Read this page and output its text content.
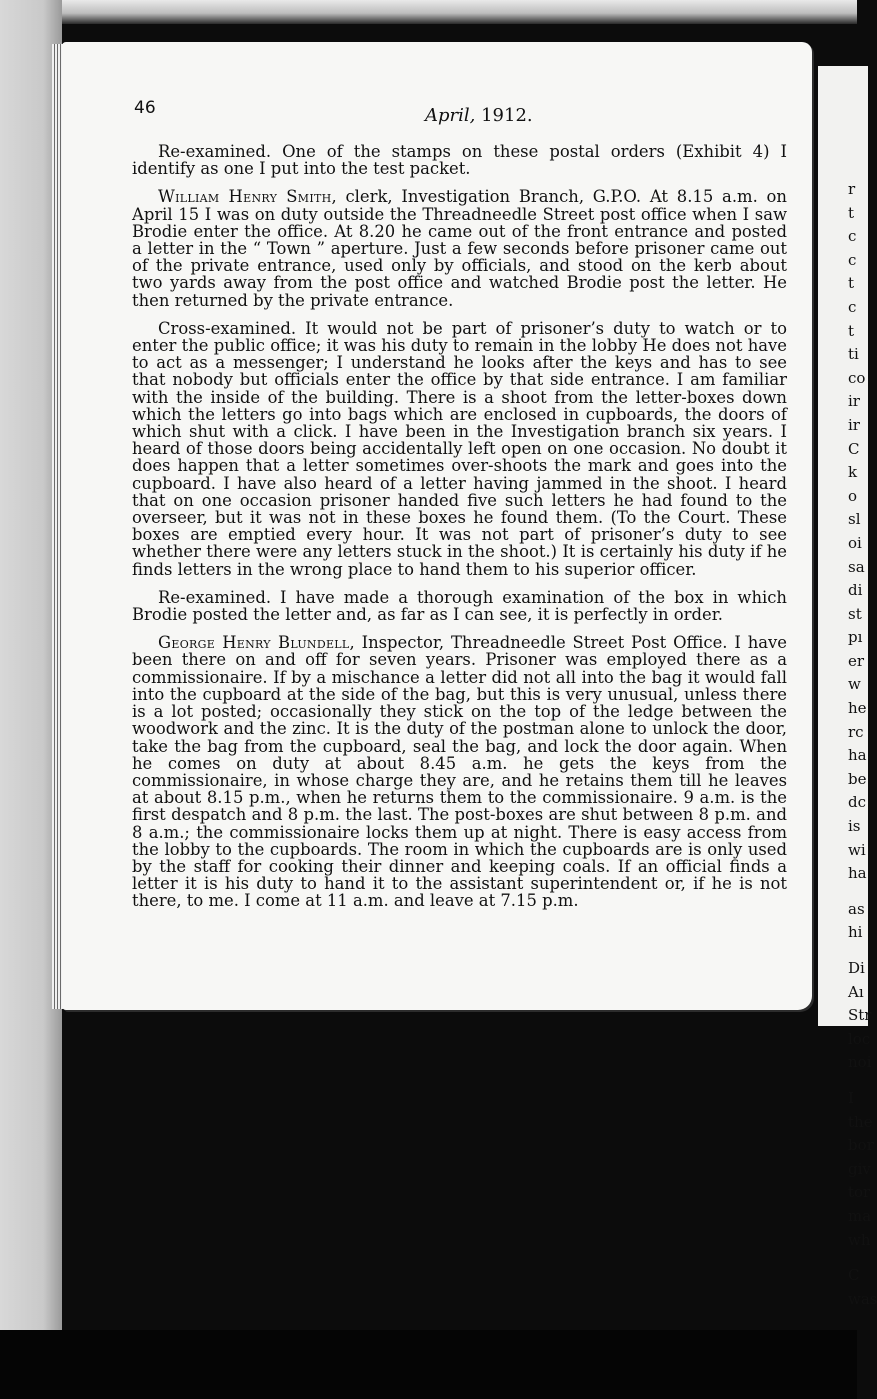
46	April, 1912.

Re-examined. One of the stamps on these postal orders (Exhibit 4) I identify as one I put into the test packet.

William Henry Smith, clerk, Investigation Branch, G.P.O. At 8.15 a.m. on April 15 I was on duty outside the Threadneedle Street post office when I saw Brodie enter the office. At 8.20 he came out of the front entrance and posted a letter in the “ Town ” aperture. Just a few seconds before prisoner came out of the private entrance, used only by officials, and stood on the kerb about two yards away from the post office and watched Brodie post the letter. He then returned by the private entrance.

Cross-examined. It would not be part of prisoner’s duty to watch or to enter the public office; it was his duty to remain in the lobby He does not have to act as a messenger; I understand he looks after the keys and has to see that nobody but officials enter the office by that side entrance. I am familiar with the inside of the building. There is a shoot from the letter-boxes down which the letters go into bags which are enclosed in cupboards, the doors of which shut with a click. I have been in the Investigation branch six years. I heard of those doors being accidentally left open on one occasion. No doubt it does happen that a letter sometimes over-shoots the mark and goes into the cupboard. I have also heard of a letter having jammed in the shoot. I heard that on one occasion prisoner handed five such letters he had found to the overseer, but it was not in these boxes he found them. (To the Court. These boxes are emptied every hour. It was not part of prisoner’s duty to see whether there were any letters stuck in the shoot.) It is certainly his duty if he finds letters in the wrong place to hand them to his superior officer.

Re-examined. I have made a thorough examination of the box in which Brodie posted the letter and, as far as I can see, it is perfectly in order.

George Henry Blundell, Inspector, Threadneedle Street Post Office. I have been there on and off for seven years. Prisoner was employed there as a commissionaire. If by a mischance a letter did not all into the bag it would fall into the cupboard at the side of the bag, but this is very unusual, unless there is a lot posted; occasionally they stick on the top of the ledge between the woodwork and the zinc. It is the duty of the postman alone to unlock the door, take the bag from the cupboard, seal the bag, and lock the door again. When he comes on duty at about 8.45 a.m. he gets the keys from the commissionaire, in whose charge they are, and he retains them till he leaves at about 8.15 p.m., when he returns them to the commissionaire. 9 a.m. is the first despatch and 8 p.m. the last. The post-boxes are shut between 8 p.m. and 8 a.m.; the commissionaire locks them up at night. There is easy access from the lobby to the cupboards. The room in which the cupboards are is only used by the staff for cooking their dinner and keeping coals. If an official finds a letter it is his duty to hand it to the assistant superintendent or, if he is not there, to me. I come at 11 a.m. and leave at 7.15 p.m.

r
t
c
c
t
c
t
ti
co
ir
ir
C
k
o
sl
oi
sa
di
st
pı
er
w
he
rc
ha
be
dc
is
wi
ha
as
hi
Di
Aı
Str
loc
noi
I
the
bor
giv
tor
ma
wh
C
was
